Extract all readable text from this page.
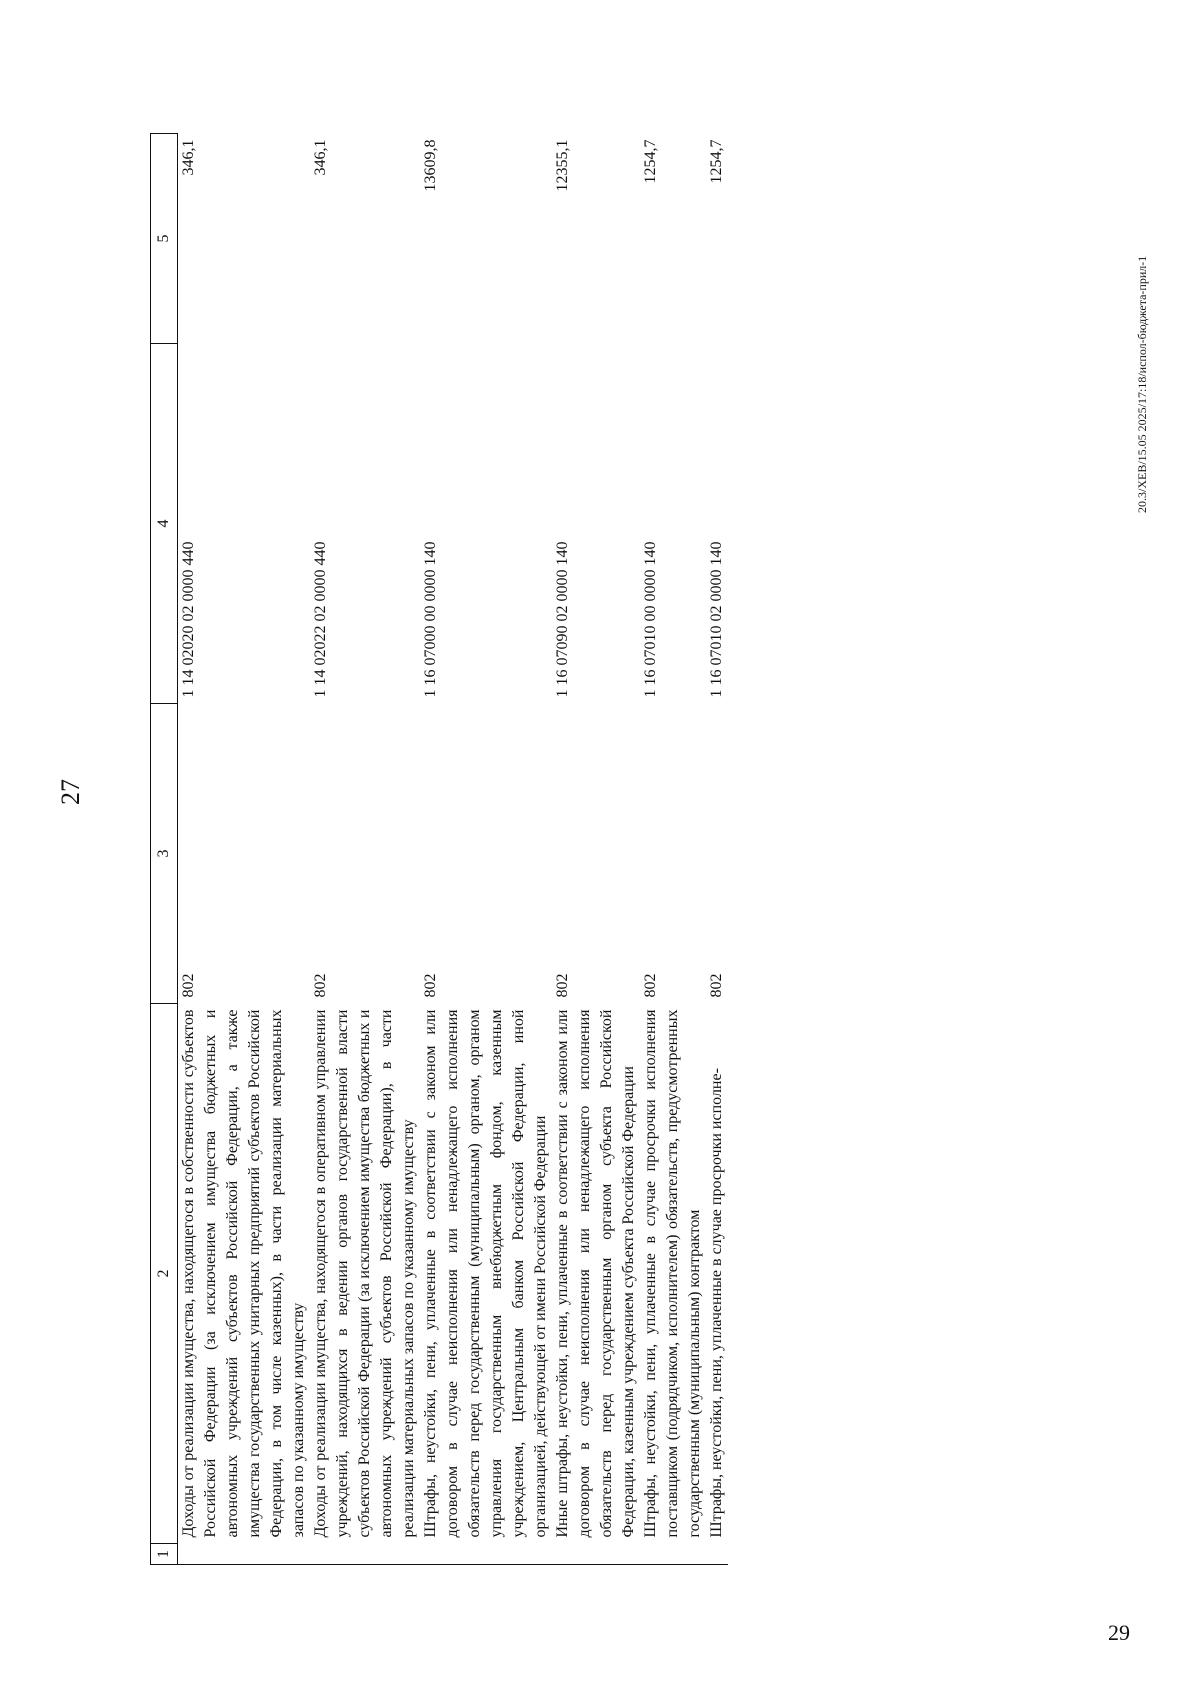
27
1	2	3	4	5
	Доходы от реализации имущества, находящегося в собственности субъектов Российской Федерации (за исключением имущества бюджетных и автономных учреждений субъектов Российской Федерации, а также имущества государственных унитарных предприятий субъектов Российской Федерации, в том числе казенных), в части реализации материальных запасов по указанному имуществу	802	1 14 02020 02 0000 440	346,1
	Доходы от реализации имущества, находящегося в оперативном управлении учреждений, находящихся в ведении органов государственной власти субъектов Российской Федерации (за исключением имущества бюджетных и автономных учреждений субъектов Российской Федерации), в части реализации материальных запасов по указанному имуществу	802	1 14 02022 02 0000 440	346,1
	Штрафы, неустойки, пени, уплаченные в соответствии с законом или договором в случае неисполнения или ненадлежащего исполнения обязательств перед государственным (муниципальным) органом, органом управления государственным внебюджетным фондом, казенным учреждением, Центральным банком Российской Федерации, иной организацией, действующей от имени Российской Федерации	802	1 16 07000 00 0000 140	13609,8
	Иные штрафы, неустойки, пени, уплаченные в соответствии с законом или договором в случае неисполнения или ненадлежащего исполнения обязательств перед государственным органом субъекта Российской Федерации, казенным учреждением субъекта Российской Федерации	802	1 16 07090 02 0000 140	12355,1
	Штрафы, неустойки, пени, уплаченные в случае просрочки исполнения поставщиком (подрядчиком, исполнителем) обязательств, предусмотренных государственным (муниципальным) контрактом	802	1 16 07010 00 0000 140	1254,7
	Штрафы, неустойки, пени, уплаченные в случае просрочки исполне-	802	1 16 07010 02 0000 140	1254,7
20.3/ХЕВ/15.05 2025/17:18/испол-бюджета-прил-1
29
